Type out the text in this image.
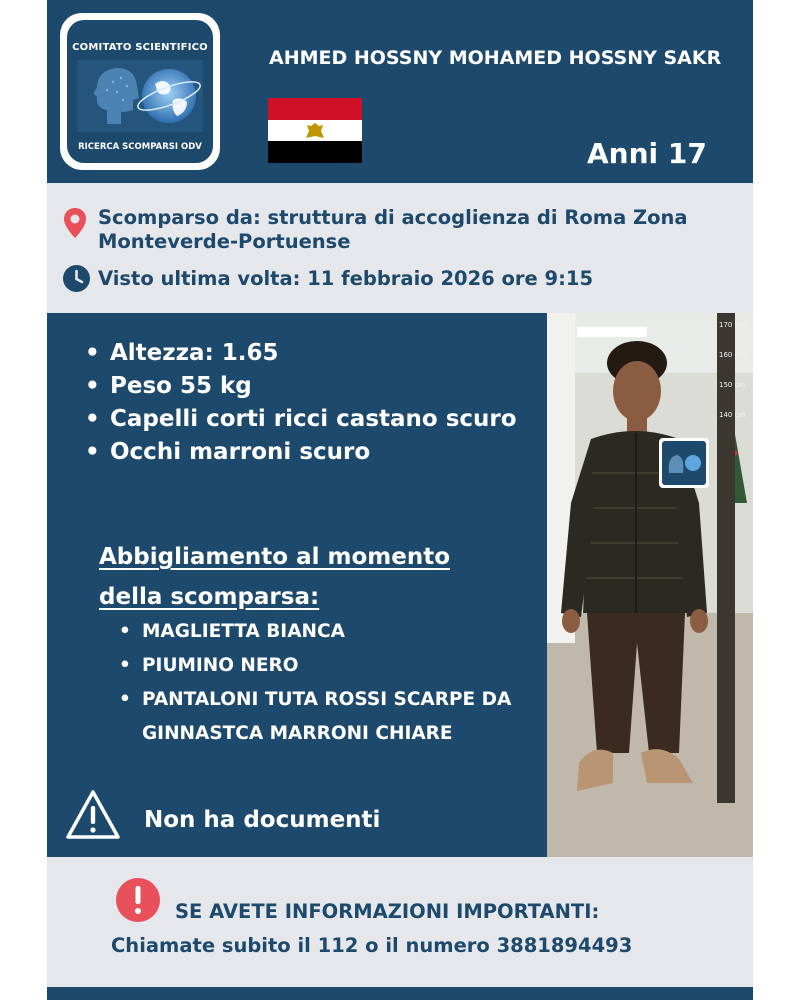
COMITATO SCIENTIFICO
RICERCA SCOMPARSI ODV
AHMED HOSSNY MOHAMED HOSSNY SAKR
Anni 17
Scomparso da: struttura di accoglienza di Roma Zona Monteverde-Portuense
Visto ultima volta: 11 febbraio 2026 ore 9:15
• Altezza: 1.65
• Peso 55 kg
• Capelli corti ricci castano scuro
• Occhi marroni scuro
Abbigliamento al momento della scomparsa:
• MAGLIETTA BIANCA
• PIUMINO NERO
• PANTALONI TUTA ROSSI SCARPE DA GINNASTCA MARRONI CHIARE
Non ha documenti
170 cm
160 cm
150 cm
140 cm
SE AVETE INFORMAZIONI IMPORTANTI:
Chiamate subito il 112 o il numero 3881894493
